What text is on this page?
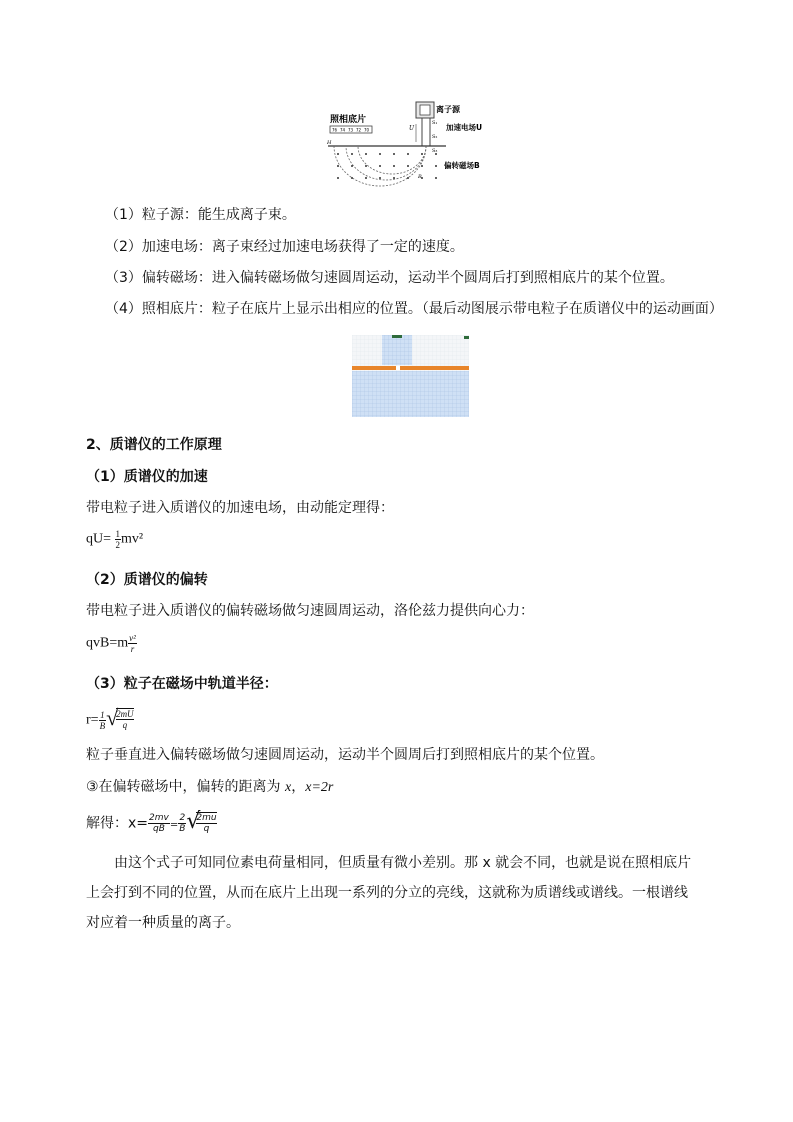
照相底片
离子源
加速电场U
偏转磁场B
U
S₁
S₂
S₃
H
B
76 74 73 72 70
（1）粒子源：能生成离子束。
（2）加速电场：离子束经过加速电场获得了一定的速度。
（3）偏转磁场：进入偏转磁场做匀速圆周运动，运动半个圆周后打到照相底片的某个位置。
（4）照相底片：粒子在底片上显示出相应的位置。（最后动图展示带电粒子在质谱仪中的运动画面）
2、质谱仪的工作原理
（1）质谱仪的加速
带电粒子进入质谱仪的加速电场，由动能定理得：
$qU= \frac{1}{2} mv^2$
（2）质谱仪的偏转
带电粒子进入质谱仪的偏转磁场做匀速圆周运动，洛伦兹力提供向心力：
$qvB=m \frac{\text{v²}}{r}$
（3）粒子在磁场中轨道半径：
$r= \frac{1}{B}$ √
$\frac{2mU}{q}$
粒子垂直进入偏转磁场做匀速圆周运动，运动半个圆周后打到照相底片的某个位置。
③在偏转磁场中，偏转的距离为 x，x=2r
解得：$x= \frac{2mv}{qB} = \frac{2}{B}$ √
$\frac{2mu}{q}$
由这个式子可知同位素电荷量相同，但质量有微小差别。那 x 就会不同，也就是说在照相底片上会打到不同的位置，从而在底片上出现一系列的分立的亮线，这就称为质谱线或谱线。一根谱线对应着一种质量的离子。
